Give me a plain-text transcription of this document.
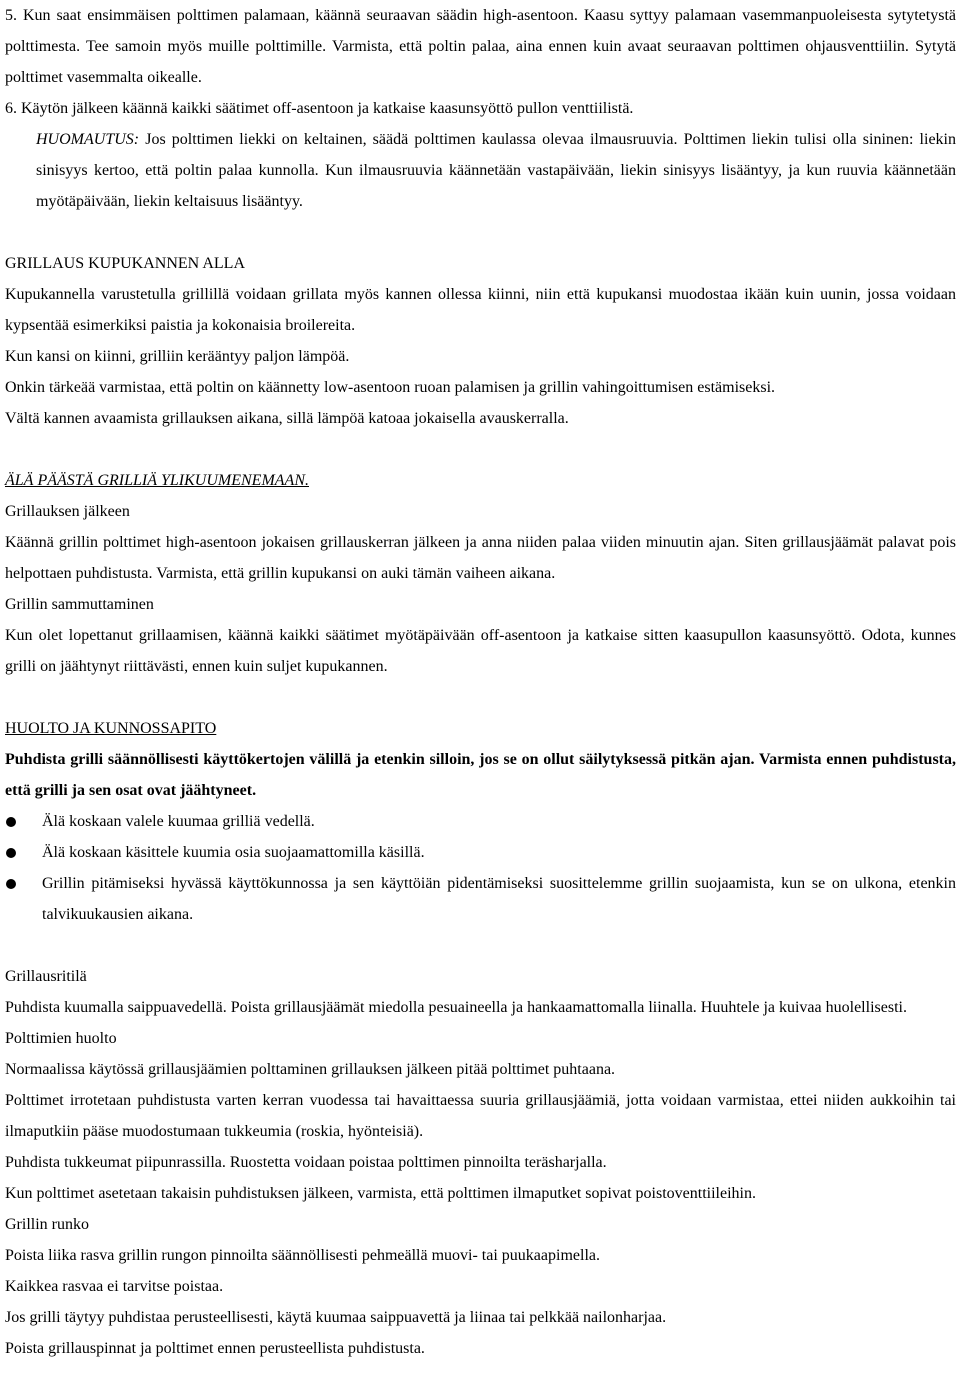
5. Kun saat ensimmäisen polttimen palamaan, käännä seuraavan säädin high-asentoon. Kaasu syttyy palamaan vasemmanpuoleisesta sytytetystä polttimesta. Tee samoin myös muille polttimille. Varmista, että poltin palaa, aina ennen kuin avaat seuraavan polttimen ohjausventtiilin. Sytytä polttimet vasemmalta oikealle.

6. Käytön jälkeen käännä kaikki säätimet off-asentoon ja katkaise kaasunsyöttö pullon venttiilistä.

HUOMAUTUS: Jos polttimen liekki on keltainen, säädä polttimen kaulassa olevaa ilmausruuvia. Polttimen liekin tulisi olla sininen: liekin sinisyys kertoo, että poltin palaa kunnolla. Kun ilmausruuvia käännetään vastapäivään, liekin sinisyys lisääntyy, ja kun ruuvia käännetään myötäpäivään, liekin keltaisuus lisääntyy.

GRILLAUS KUPUKANNEN ALLA

Kupukannella varustetulla grillillä voidaan grillata myös kannen ollessa kiinni, niin että kupukansi muodostaa ikään kuin uunin, jossa voidaan kypsentää esimerkiksi paistia ja kokonaisia broilereita.

Kun kansi on kiinni, grilliin kerääntyy paljon lämpöä.

Onkin tärkeää varmistaa, että poltin on käännetty low-asentoon ruoan palamisen ja grillin vahingoittumisen estämiseksi.

Vältä kannen avaamista grillauksen aikana, sillä lämpöä katoaa jokaisella avauskerralla.

ÄLÄ PÄÄSTÄ GRILLIÄ YLIKUUMENEMAAN.

Grillauksen jälkeen

Käännä grillin polttimet high-asentoon jokaisen grillauskerran jälkeen ja anna niiden palaa viiden minuutin ajan. Siten grillausjäämät palavat pois helpottaen puhdistusta. Varmista, että grillin kupukansi on auki tämän vaiheen aikana.

Grillin sammuttaminen

Kun olet lopettanut grillaamisen, käännä kaikki säätimet myötäpäivään off-asentoon ja katkaise sitten kaasupullon kaasunsyöttö. Odota, kunnes grilli on jäähtynyt riittävästi, ennen kuin suljet kupukannen.

HUOLTO JA KUNNOSSAPITO

Puhdista grilli säännöllisesti käyttökertojen välillä ja etenkin silloin, jos se on ollut säilytyksessä pitkän ajan. Varmista ennen puhdistusta, että grilli ja sen osat ovat jäähtyneet.

Älä koskaan valele kuumaa grilliä vedellä.
Älä koskaan käsittele kuumia osia suojaamattomilla käsillä.
Grillin pitämiseksi hyvässä käyttökunnossa ja sen käyttöiän pidentämiseksi suosittelemme grillin suojaamista, kun se on ulkona, etenkin talvikuukausien aikana.

Grillausritilä

Puhdista kuumalla saippuavedellä. Poista grillausjäämät miedolla pesuaineella ja hankaamattomalla liinalla. Huuhtele ja kuivaa huolellisesti.

Polttimien huolto

Normaalissa käytössä grillausjäämien polttaminen grillauksen jälkeen pitää polttimet puhtaana.

Polttimet irrotetaan puhdistusta varten kerran vuodessa tai havaittaessa suuria grillausjäämiä, jotta voidaan varmistaa, ettei niiden aukkoihin tai ilmaputkiin pääse muodostumaan tukkeumia (roskia, hyönteisiä).

Puhdista tukkeumat piipunrassilla. Ruostetta voidaan poistaa polttimen pinnoilta teräsharjalla.

Kun polttimet asetetaan takaisin puhdistuksen jälkeen, varmista, että polttimen ilmaputket sopivat poistoventtiileihin.

Grillin runko

Poista liika rasva grillin rungon pinnoilta säännöllisesti pehmeällä muovi- tai puukaapimella.

Kaikkea rasvaa ei tarvitse poistaa.

Jos grilli täytyy puhdistaa perusteellisesti, käytä kuumaa saippuavettä ja liinaa tai pelkkää nailonharjaa.

Poista grillauspinnat ja polttimet ennen perusteellista puhdistusta.
